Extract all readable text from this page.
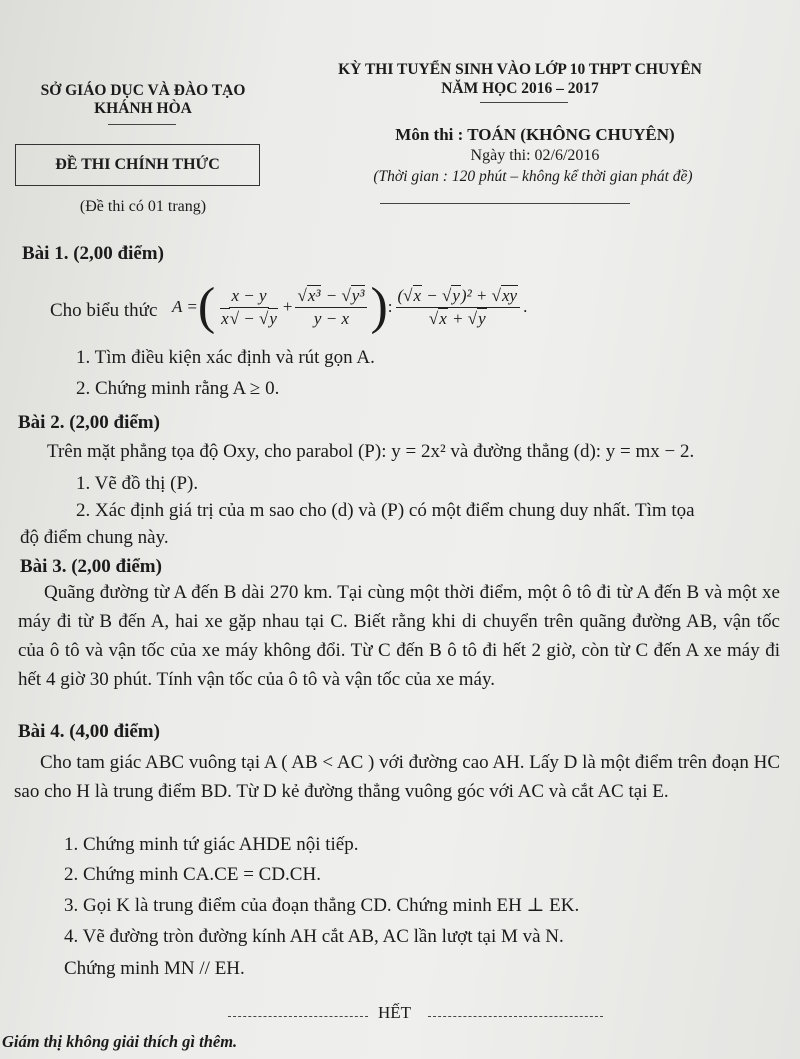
SỞ GIÁO DỤC VÀ ĐÀO TẠO
KHÁNH HÒA
KỲ THI TUYỂN SINH VÀO LỚP 10 THPT CHUYÊN
NĂM HỌC 2016 – 2017
ĐỀ THI CHÍNH THỨC
(Đề thi có 01 trang)
Môn thi : TOÁN (KHÔNG CHUYÊN)
Ngày thi: 02/6/2016
(Thời gian : 120 phút – không kể thời gian phát đề)
Bài 1. (2,00 điểm)
Cho biểu thức A = ( $\frac{x - y}{x√ - √y} + \frac{\text{√x³ − √y³}}{y - x}$ ) : $\frac{\text{(√x − √y)² + √xy}}{√x + √y}$ .
1. Tìm điều kiện xác định và rút gọn A.
2. Chứng minh rằng A ≥ 0.
Bài 2. (2,00 điểm)
Trên mặt phẳng tọa độ Oxy, cho parabol (P): y = 2x² và đường thẳng (d): y = mx − 2.
1. Vẽ đồ thị (P).
2. Xác định giá trị của m sao cho (d) và (P) có một điểm chung duy nhất. Tìm tọa
độ điểm chung này.
Bài 3. (2,00 điểm)
Quãng đường từ A đến B dài 270 km. Tại cùng một thời điểm, một ô tô đi từ A đến B và một xe máy đi từ B đến A, hai xe gặp nhau tại C. Biết rằng khi di chuyển trên quãng đường AB, vận tốc của ô tô và vận tốc của xe máy không đổi. Từ C đến B ô tô đi hết 2 giờ, còn từ C đến A xe máy đi hết 4 giờ 30 phút. Tính vận tốc của ô tô và vận tốc của xe máy.
Bài 4. (4,00 điểm)
Cho tam giác ABC vuông tại A ( AB < AC ) với đường cao AH. Lấy D là một điểm trên đoạn HC sao cho H là trung điểm BD. Từ D kẻ đường thẳng vuông góc với AC và cắt AC tại E.
1. Chứng minh tứ giác AHDE nội tiếp.
2. Chứng minh CA.CE = CD.CH.
3. Gọi K là trung điểm của đoạn thẳng CD. Chứng minh EH ⊥ EK.
4. Vẽ đường tròn đường kính AH cắt AB, AC lần lượt tại M và N.
Chứng minh MN // EH.
HẾT
Giám thị không giải thích gì thêm.
